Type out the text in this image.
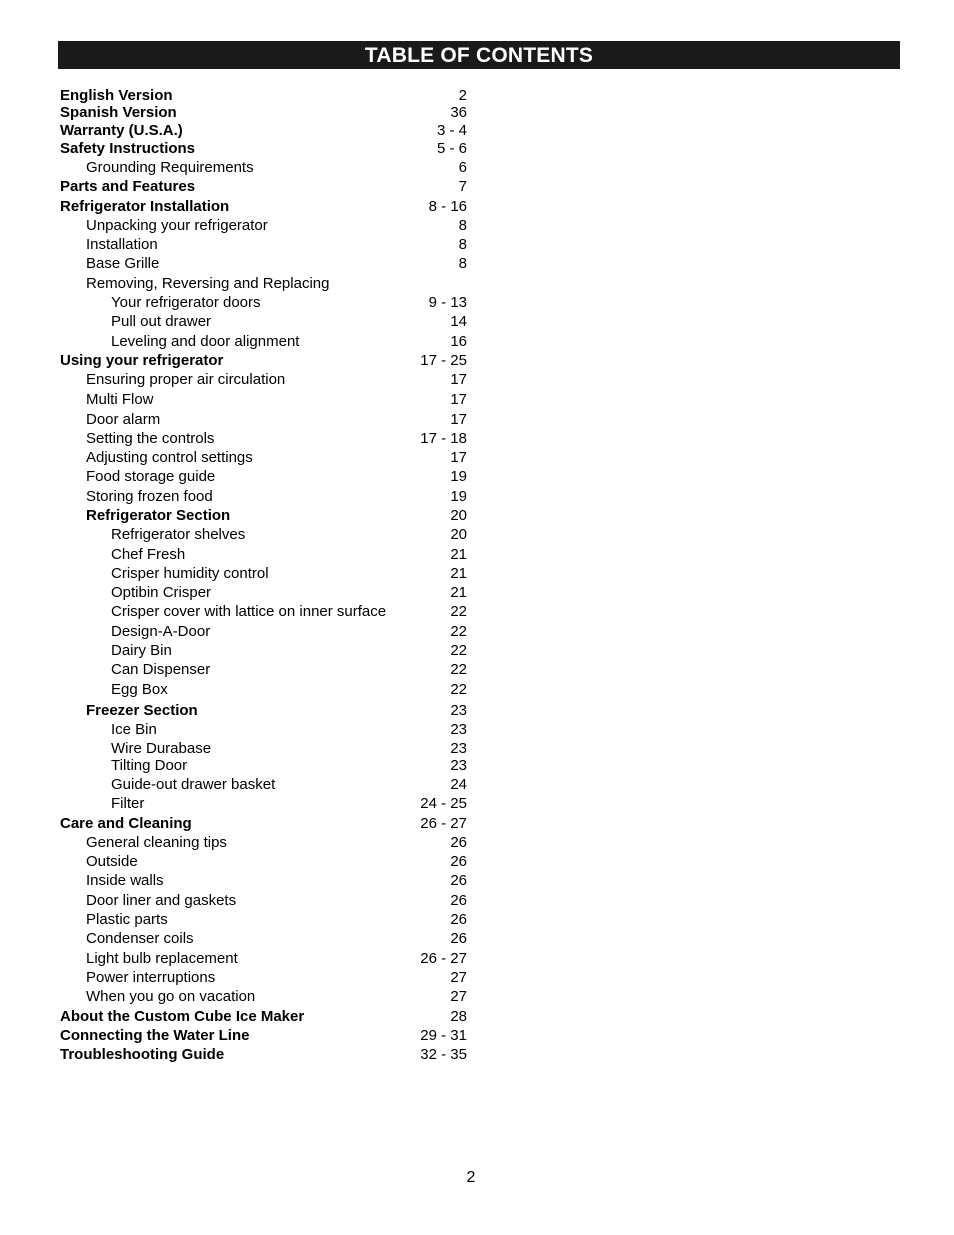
TABLE OF CONTENTS
English Version	2
Spanish Version	36
Warranty (U.S.A.)	3 - 4
Safety Instructions	5 - 6
Grounding Requirements	6
Parts and Features	7
Refrigerator Installation	8 - 16
Unpacking your refrigerator	8
Installation	8
Base Grille	8
Removing, Reversing and Replacing
Your refrigerator doors	9 - 13
Pull out drawer	14
Leveling and door alignment	16
Using your refrigerator	17 - 25
Ensuring proper air circulation	17
Multi Flow	17
Door alarm	17
Setting the controls	17 - 18
Adjusting control settings	17
Food storage guide	19
Storing frozen food	19
Refrigerator Section	20
Refrigerator shelves	20
Chef Fresh	21
Crisper humidity control	21
Optibin Crisper	21
Crisper cover with lattice on inner surface	22
Design-A-Door	22
Dairy Bin	22
Can Dispenser	22
Egg Box	22
Freezer Section	23
Ice Bin	23
Wire Durabase	23
Tilting Door	23
Guide-out drawer basket	24
Filter	24 - 25
Care and Cleaning	26 - 27
General cleaning tips	26
Outside	26
Inside walls	26
Door liner and gaskets	26
Plastic parts	26
Condenser coils	26
Light bulb replacement	26 - 27
Power interruptions	27
When you go on vacation	27
About the Custom Cube Ice Maker	28
Connecting the Water Line	29 - 31
Troubleshooting Guide	32 - 35
2
